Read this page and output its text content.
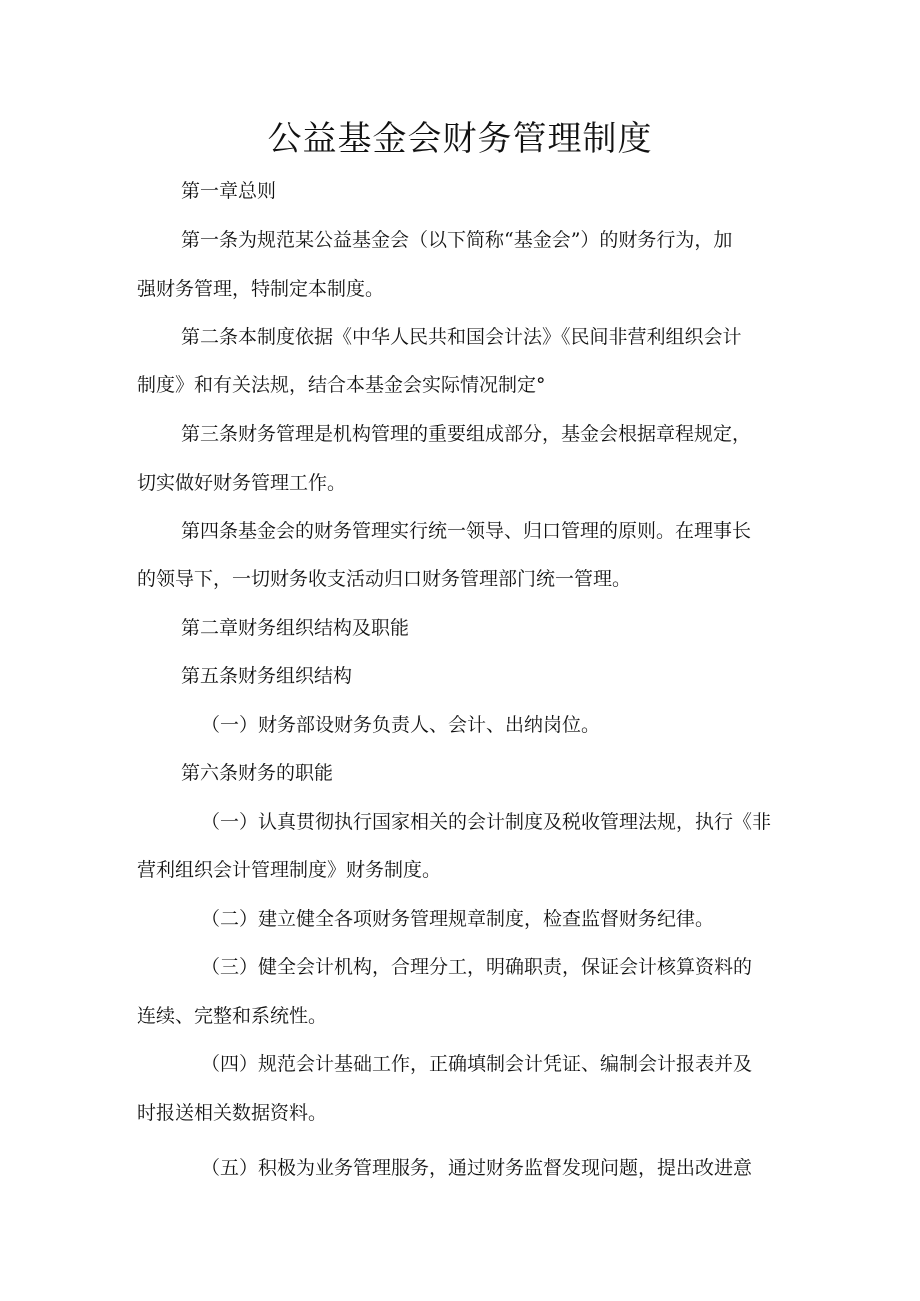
公益基金会财务管理制度

第一章总则

第一条为规范某公益基金会（以下简称“基金会”）的财务行为，加

强财务管理，特制定本制度。

第二条本制度依据《中华人民共和国会计法》《民间非营利组织会计

制度》和有关法规，结合本基金会实际情况制定°

第三条财务管理是机构管理的重要组成部分，基金会根据章程规定，

切实做好财务管理工作。

第四条基金会的财务管理实行统一领导、归口管理的原则。在理事长

的领导下，一切财务收支活动归口财务管理部门统一管理。

第二章财务组织结构及职能

第五条财务组织结构

（一）财务部设财务负责人、会计、出纳岗位。

第六条财务的职能

（一）认真贯彻执行国家相关的会计制度及税收管理法规，执行《非

营利组织会计管理制度》财务制度。

（二）建立健全各项财务管理规章制度，检查监督财务纪律。

（三）健全会计机构，合理分工，明确职责，保证会计核算资料的

连续、完整和系统性。

（四）规范会计基础工作，正确填制会计凭证、编制会计报表并及

时报送相关数据资料。

（五）积极为业务管理服务，通过财务监督发现问题，提出改进意
